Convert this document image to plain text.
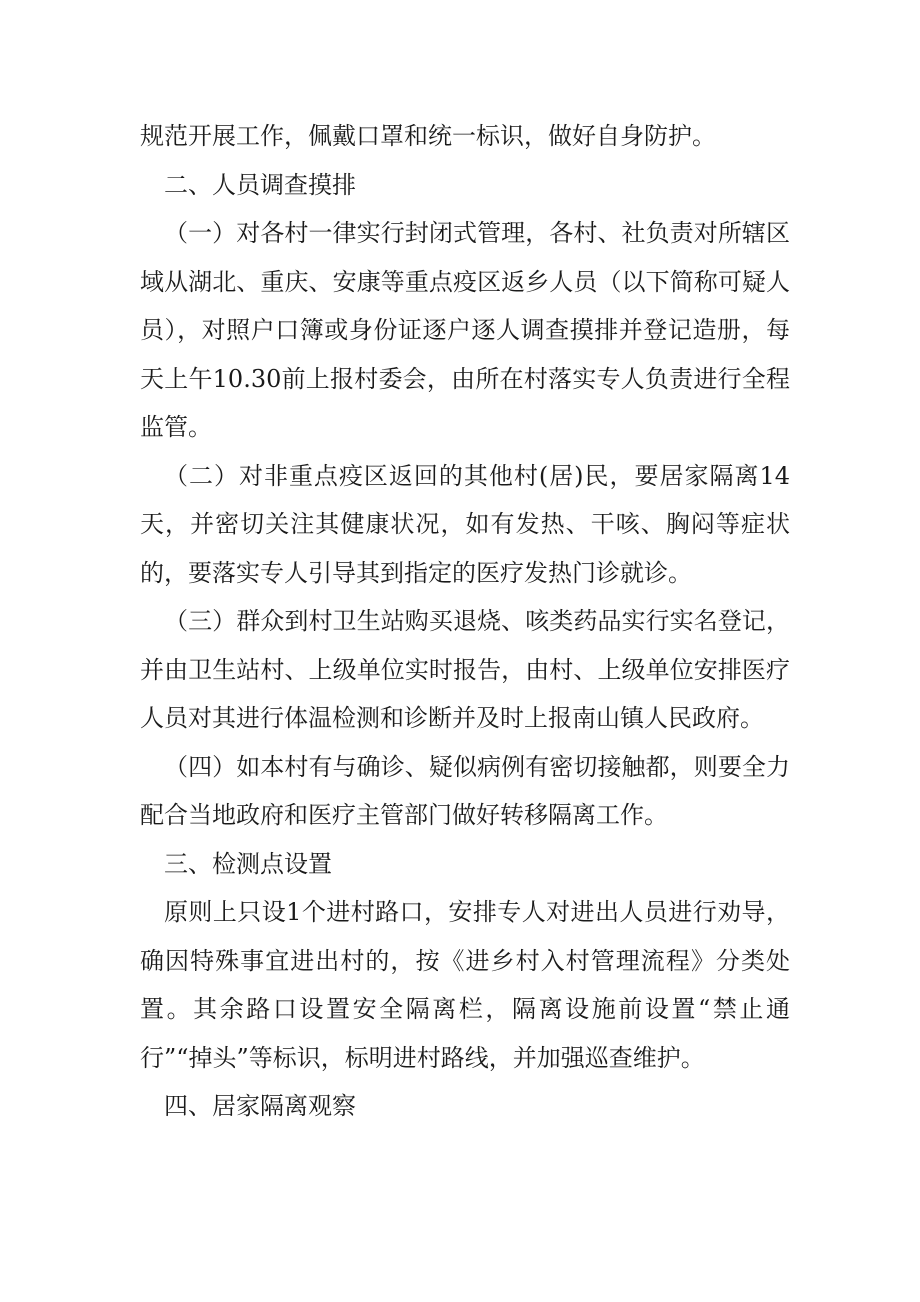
规范开展工作，佩戴口罩和统一标识，做好自身防护。

二、人员调查摸排

（一）对各村一律实行封闭式管理，各村、社负责对所辖区域从湖北、重庆、安康等重点疫区返乡人员（以下简称可疑人员），对照户口簿或身份证逐户逐人调查摸排并登记造册，每天上午10.30前上报村委会，由所在村落实专人负责进行全程监管。

（二）对非重点疫区返回的其他村(居)民，要居家隔离14天，并密切关注其健康状况，如有发热、干咳、胸闷等症状的，要落实专人引导其到指定的医疗发热门诊就诊。

（三）群众到村卫生站购买退烧、咳类药品实行实名登记，并由卫生站村、上级单位实时报告，由村、上级单位安排医疗人员对其进行体温检测和诊断并及时上报南山镇人民政府。

（四）如本村有与确诊、疑似病例有密切接触都，则要全力配合当地政府和医疗主管部门做好转移隔离工作。

三、检测点设置

原则上只设1个进村路口，安排专人对进出人员进行劝导，确因特殊事宜进出村的，按《进乡村入村管理流程》分类处置。其余路口设置安全隔离栏，隔离设施前设置“禁止通行”“掉头”等标识，标明进村路线，并加强巡查维护。

四、居家隔离观察
